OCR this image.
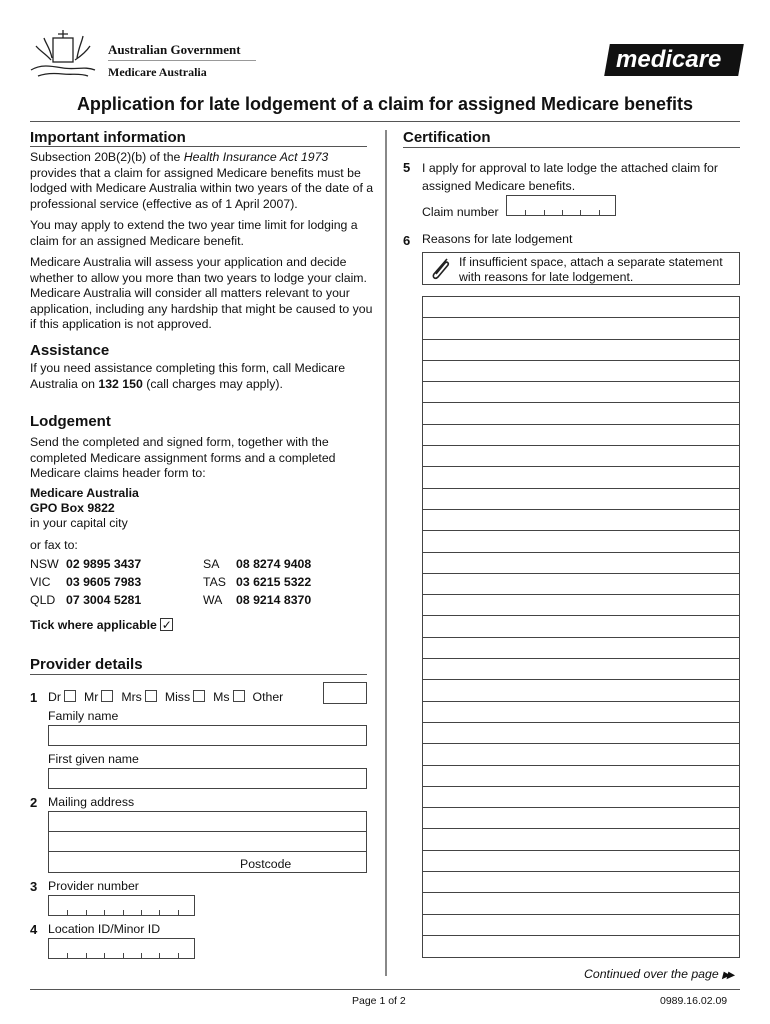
Australian Government
Medicare Australia	medicare
Application for late lodgement of a claim for assigned Medicare benefits
Important information

Subsection 20B(2)(b) of the Health Insurance Act 1973 provides that a claim for assigned Medicare benefits must be lodged with Medicare Australia within two years of the date of a professional service (effective as of 1 April 2007).

You may apply to extend the two year time limit for lodging a claim for an assigned Medicare benefit.

Medicare Australia will assess your application and decide whether to allow you more than two years to lodge your claim. Medicare Australia will consider all matters relevant to your application, including any hardship that might be caused to you if this application is not approved.

Assistance
If you need assistance completing this form, call Medicare Australia on 132 150 (call charges may apply).
Lodgement
Send the completed and signed form, together with the completed Medicare assignment forms and a completed Medicare claims header form to:
Medicare Australia
GPO Box 9822
in your capital city
or fax to:
NSW 02 9895 3437	SA 08 8274 9408
VIC 03 9605 7983	TAS 03 6215 5322
QLD 07 3004 5281	WA 08 9214 8370
Tick where applicable ✓
Provider details
1 Dr Mr Mrs Miss Ms Other
Family name
First given name
2 Mailing address
Postcode
3 Provider number
4 Location ID/Minor ID
Certification
5 I apply for approval to late lodge the attached claim for assigned Medicare benefits.
Claim number
6 Reasons for late lodgement
If insufficient space, attach a separate statement with reasons for late lodgement.
Continued over the page ▶▶
Page 1 of 2	0989.16.02.09
